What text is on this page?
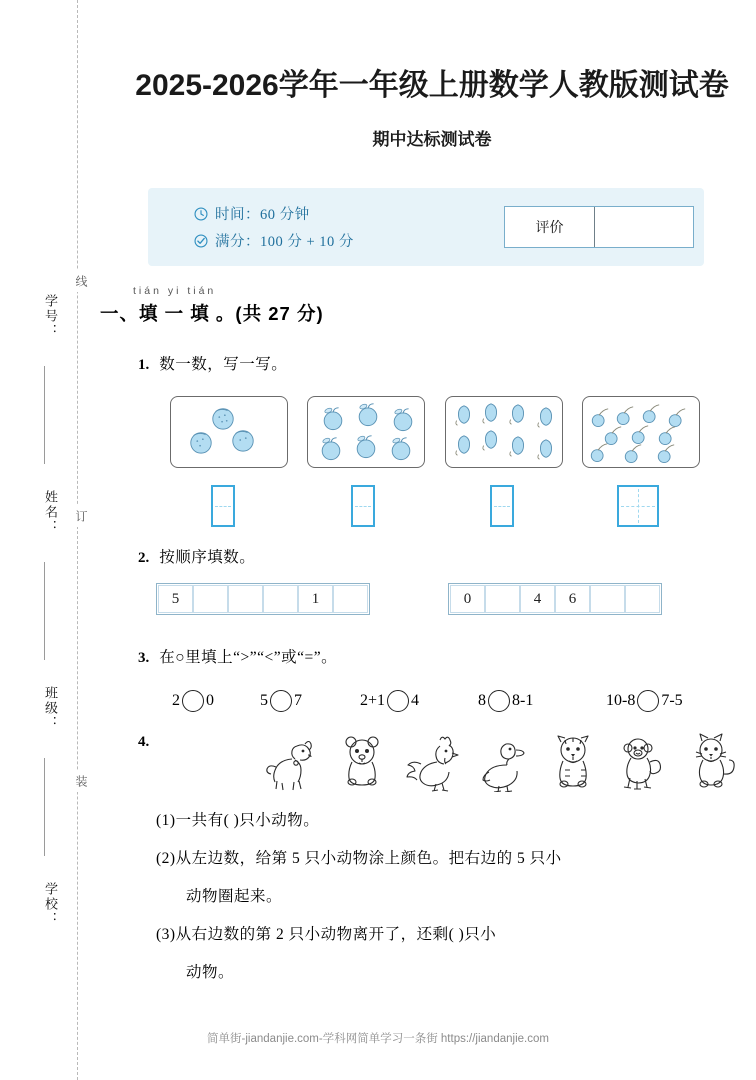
学号：
姓名：
班级：
学校：
线
订
装
2025-2026学年一年级上册数学人教版测试卷
期中达标测试卷
时间：60 分钟
满分：100 分 + 10 分
评价
tián yi tián
一、填 一 填 。(共 27 分)
1. 数一数，写一写。
2. 按顺序填数。
5	1	0	4	6
3. 在○里填上“>”“<”或“=”。
2 0	5 7	2+1 4	8 8-1	10-8 7-5
4.
(1)一共有( )只小动物。
(2)从左边数，给第 5 只小动物涂上颜色。把右边的 5 只小
动物圈起来。
(3)从右边数的第 2 只小动物离开了，还剩( )只小
动物。
简单街-jiandanjie.com-学科网简单学习一条街 https://jiandanjie.com
